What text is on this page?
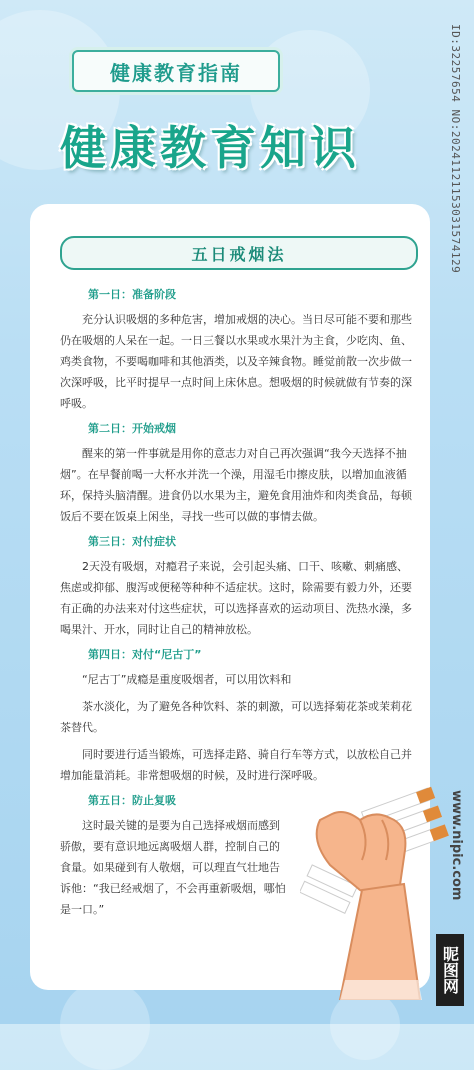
健康教育指南
健康教育知识	ID:32257654 NO:20241121153031574129
五日戒烟法
第一日：准备阶段

充分认识吸烟的多种危害，增加戒烟的决心。当日尽可能不要和那些仍在吸烟的人呆在一起。一日三餐以水果或水果汁为主食，少吃肉、鱼、鸡类食物，不要喝咖啡和其他酒类，以及辛辣食物。睡觉前散一次步做一次深呼吸，比平时提早一点时间上床休息。想吸烟的时候就做有节奏的深呼吸。

第二日：开始戒烟

醒来的第一件事就是用你的意志力对自己再次强调“我今天选择不抽烟”。在早餐前喝一大杯水并洗一个澡，用湿毛巾擦皮肤，以增加血液循环，保持头脑清醒。进食仍以水果为主，避免食用油炸和肉类食品，每顿饭后不要在饭桌上闲坐，寻找一些可以做的事情去做。

第三日：对付症状

2天没有吸烟，对瘾君子来说，会引起头痛、口干、咳嗽、刺痛感、焦虑或抑郁、腹泻或便秘等种种不适症状。这时，除需要有毅力外，还要有正确的办法来对付这些症状，可以选择喜欢的运动项目、洗热水澡，多喝果汁、开水，同时让自己的精神放松。

第四日：对付“尼古丁”

“尼古丁”成瘾是重度吸烟者，可以用饮料和

茶水淡化，为了避免各种饮料、茶的刺激，可以选择菊花茶或茉莉花茶替代。

同时要进行适当锻炼，可选择走路、骑自行车等方式，以放松自己并增加能量消耗。非常想吸烟的时候，及时进行深呼吸。

第五日：防止复吸

这时最关键的是要为自己选择戒烟而感到骄傲，要有意识地远离吸烟人群，控制自己的食量。如果碰到有人敬烟，可以理直气壮地告诉他：“我已经戒烟了，不会再重新吸烟，哪怕是一口。”

www.nipic.com
昵图网
